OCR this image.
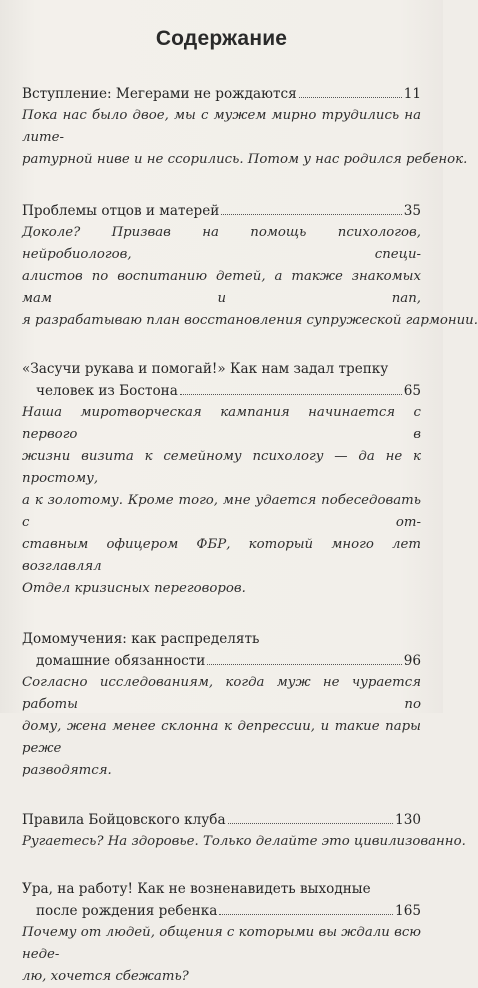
Содержание
Вступление: Мегерами не рождаются	11

Пока нас было двое, мы с мужем мирно трудились на лите-
ратурной ниве и не ссорились. Потом у нас родился ребенок.

Проблемы отцов и матерей	35

Доколе? Призвав на помощь психологов, нейробиологов, специ-
алистов по воспитанию детей, а также знакомых мам и пап,
я разрабатываю план восстановления супружеской гармонии.

«Засучи рукава и помогай!» Как нам задал трепку
человек из Бостона	65

Наша миротворческая кампания начинается с первого в
жизни визита к семейному психологу — да не к простому,
а к золотому. Кроме того, мне удается побеседовать с от-
ставным офицером ФБР, который много лет возглавлял
Отдел кризисных переговоров.

Домомучения: как распределять
домашние обязанности	96

Согласно исследованиям, когда муж не чурается работы по
дому, жена менее склонна к депрессии, и такие пары реже
разводятся.

Правила Бойцовского клуба	130

Ругаетесь? На здоровье. Только делайте это цивилизованно.

Ура, на работу! Как не возненавидеть выходные
после рождения ребенка	165

Почему от людей, общения с которыми вы ждали всю неде-
лю, хочется сбежать?
